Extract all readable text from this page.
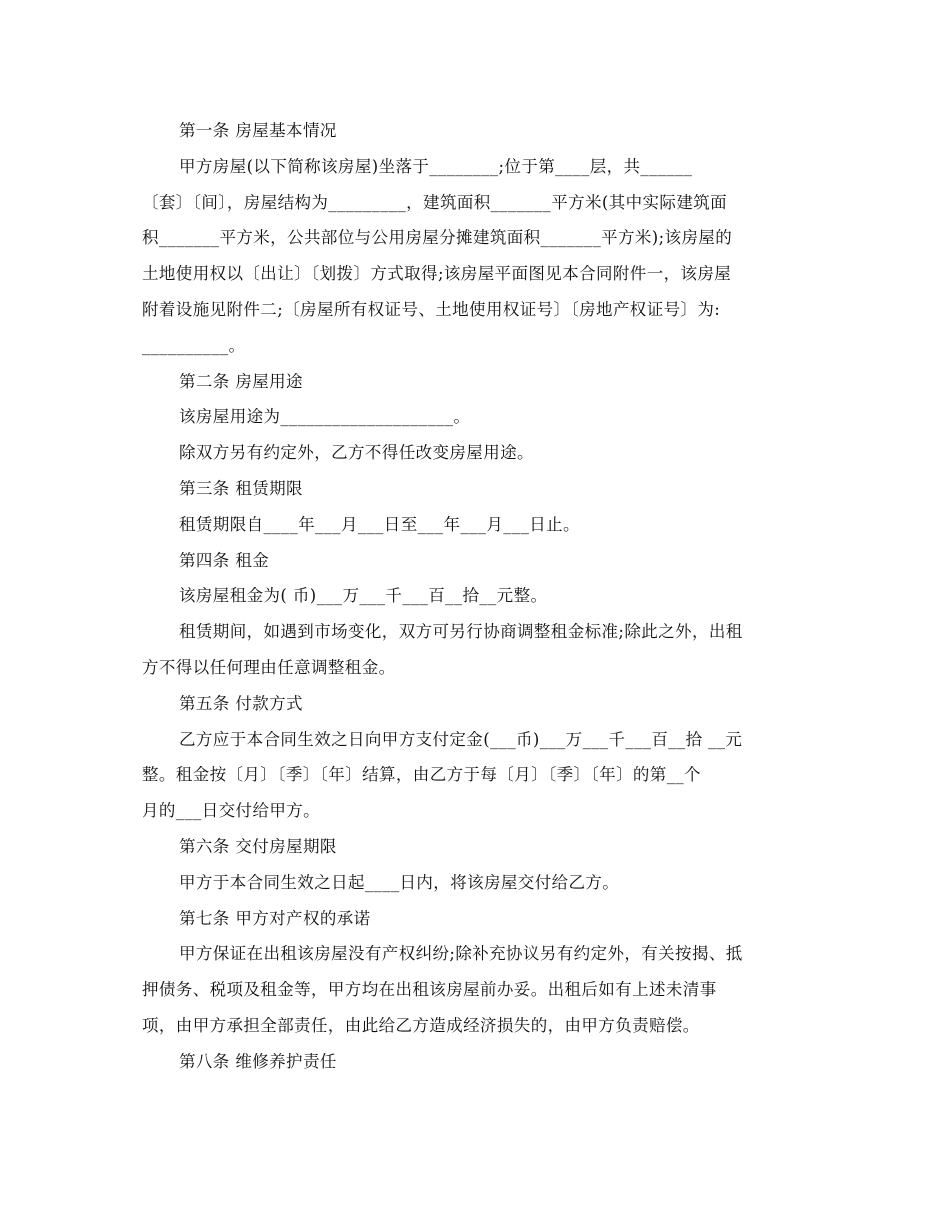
第一条 房屋基本情况
甲方房屋(以下简称该房屋)坐落于________;位于第____层，共______
〔套〕〔间〕，房屋结构为_________，建筑面积_______平方米(其中实际建筑面
积_______平方米，公共部位与公用房屋分摊建筑面积_______平方米);该房屋的
土地使用权以〔出让〕〔划拨〕方式取得;该房屋平面图见本合同附件一，该房屋
附着设施见附件二;〔房屋所有权证号、土地使用权证号〕〔房地产权证号〕为:
__________。
第二条 房屋用途
该房屋用途为____________________。
除双方另有约定外，乙方不得任改变房屋用途。
第三条 租赁期限
租赁期限自____年___月___日至___年___月___日止。
第四条 租金
该房屋租金为( 币)___万___千___百__拾__元整。
租赁期间，如遇到市场变化，双方可另行协商调整租金标准;除此之外，出租
方不得以任何理由任意调整租金。
第五条 付款方式
乙方应于本合同生效之日向甲方支付定金(___币)___万___千___百__拾 __元
整。租金按〔月〕〔季〕〔年〕结算，由乙方于每〔月〕〔季〕〔年〕的第__个
月的___日交付给甲方。
第六条 交付房屋期限
甲方于本合同生效之日起____日内，将该房屋交付给乙方。
第七条 甲方对产权的承诺
甲方保证在出租该房屋没有产权纠纷;除补充协议另有约定外，有关按揭、抵
押债务、税项及租金等，甲方均在出租该房屋前办妥。出租后如有上述未清事
项，由甲方承担全部责任，由此给乙方造成经济损失的，由甲方负责赔偿。
第八条 维修养护责任
